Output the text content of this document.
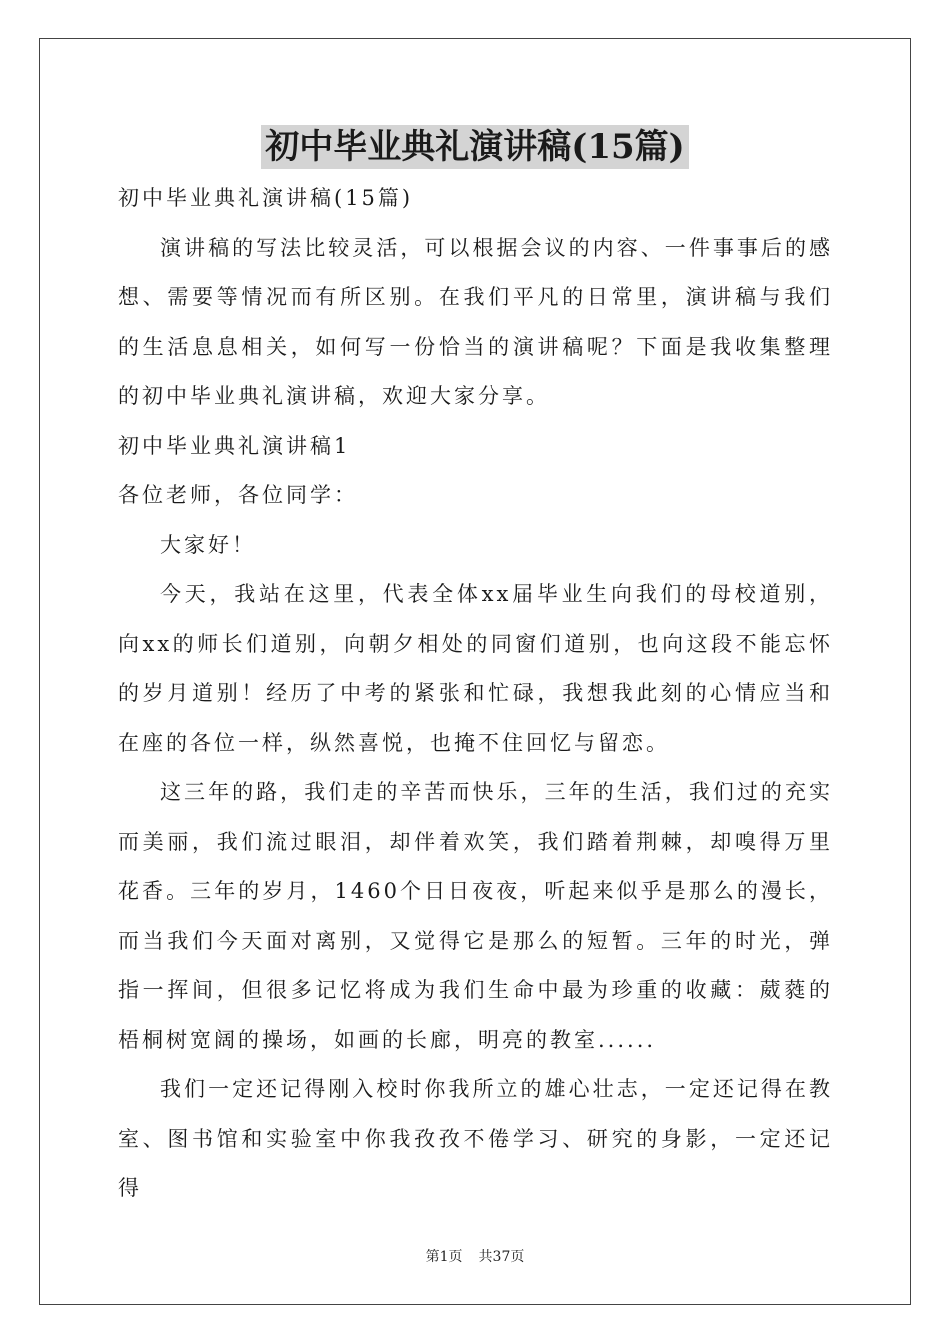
初中毕业典礼演讲稿(15篇)

初中毕业典礼演讲稿(15篇)

演讲稿的写法比较灵活，可以根据会议的内容、一件事事后的感想、需要等情况而有所区别。在我们平凡的日常里，演讲稿与我们的生活息息相关，如何写一份恰当的演讲稿呢？下面是我收集整理的初中毕业典礼演讲稿，欢迎大家分享。

初中毕业典礼演讲稿1

各位老师，各位同学：

大家好！

今天，我站在这里，代表全体xx届毕业生向我们的母校道别，向xx的师长们道别，向朝夕相处的同窗们道别，也向这段不能忘怀的岁月道别！经历了中考的紧张和忙碌，我想我此刻的心情应当和在座的各位一样，纵然喜悦，也掩不住回忆与留恋。

这三年的路，我们走的辛苦而快乐，三年的生活，我们过的充实而美丽，我们流过眼泪，却伴着欢笑，我们踏着荆棘，却嗅得万里花香。三年的岁月，1460个日日夜夜，听起来似乎是那么的漫长，而当我们今天面对离别，又觉得它是那么的短暂。三年的时光，弹指一挥间，但很多记忆将成为我们生命中最为珍重的收藏：葳蕤的梧桐树宽阔的操场，如画的长廊，明亮的教室......

我们一定还记得刚入校时你我所立的雄心壮志，一定还记得在教室、图书馆和实验室中你我孜孜不倦学习、研究的身影，一定还记得

第1页 共37页
